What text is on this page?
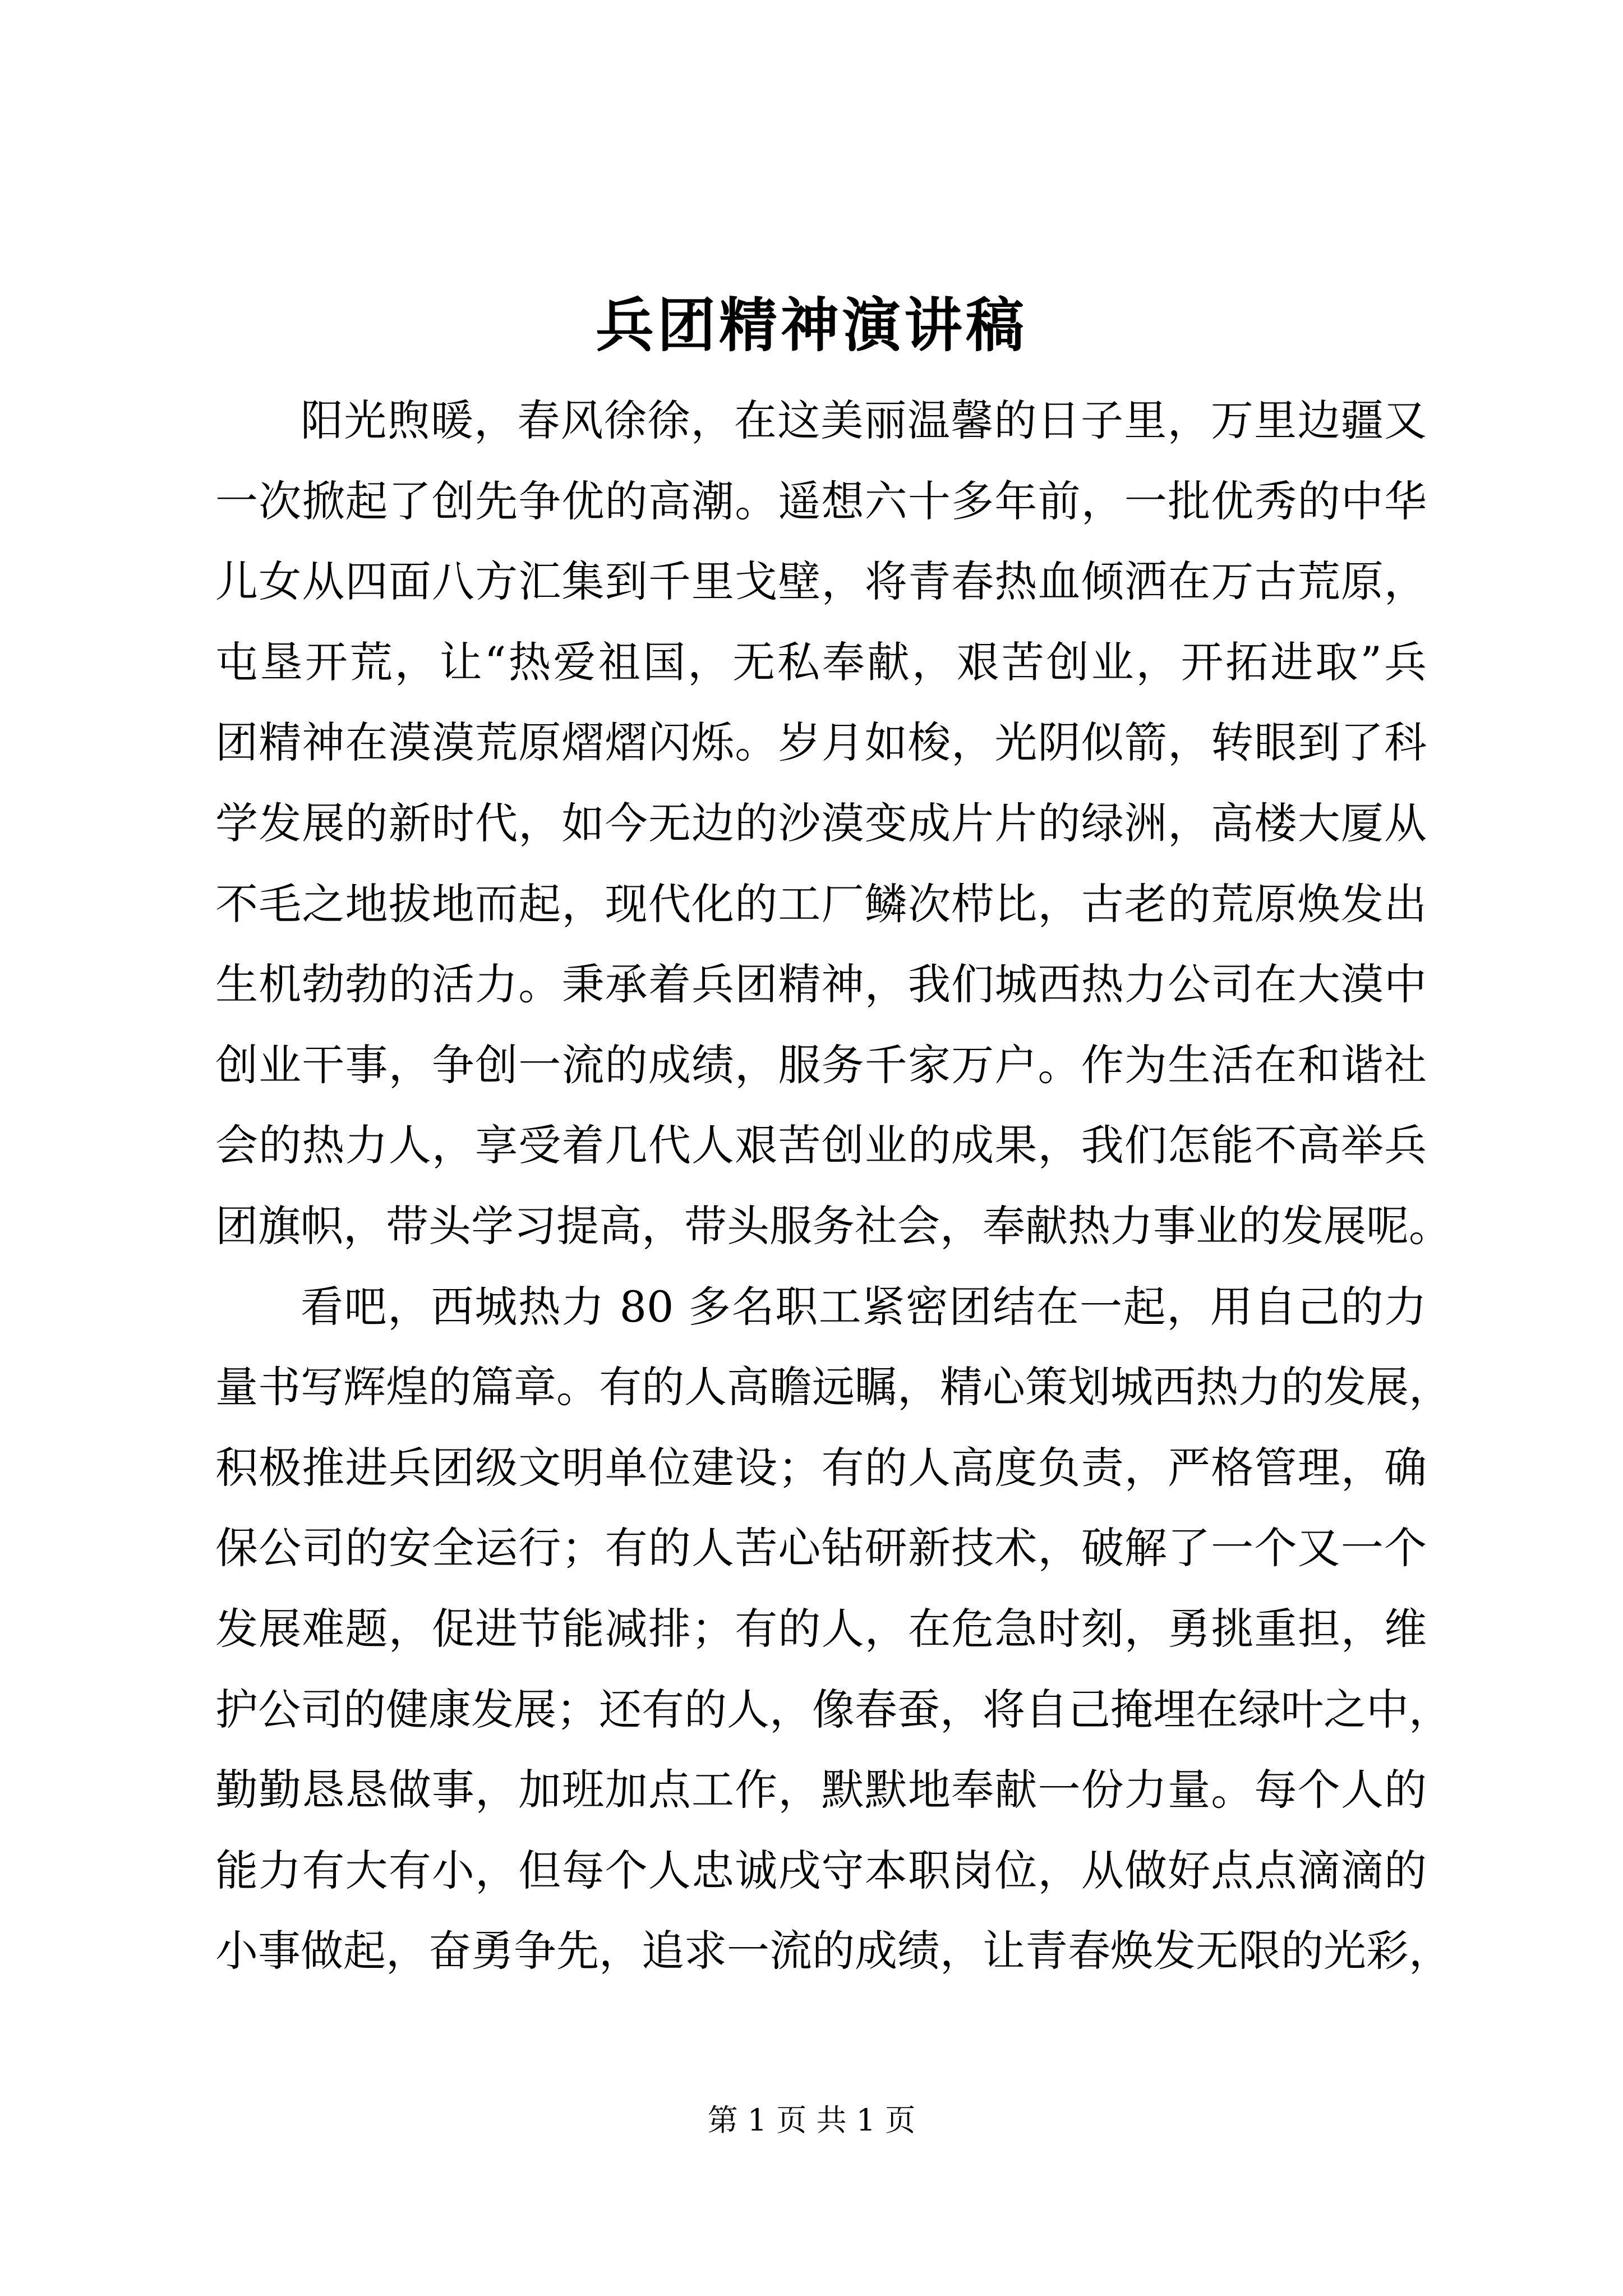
兵团精神演讲稿
阳光煦暖，春风徐徐，在这美丽温馨的日子里，万里边疆又
一次掀起了创先争优的高潮。遥想六十多年前，一批优秀的中华
儿女从四面八方汇集到千里戈壁，将青春热血倾洒在万古荒原，
屯垦开荒，让“热爱祖国，无私奉献，艰苦创业，开拓进取”兵
团精神在漠漠荒原熠熠闪烁。岁月如梭，光阴似箭，转眼到了科
学发展的新时代，如今无边的沙漠变成片片的绿洲，高楼大厦从
不毛之地拔地而起，现代化的工厂鳞次栉比，古老的荒原焕发出
生机勃勃的活力。秉承着兵团精神，我们城西热力公司在大漠中
创业干事，争创一流的成绩，服务千家万户。作为生活在和谐社
会的热力人，享受着几代人艰苦创业的成果，我们怎能不高举兵
团旗帜，带头学习提高，带头服务社会，奉献热力事业的发展呢。
看吧，西城热力 80 多名职工紧密团结在一起，用自己的力
量书写辉煌的篇章。有的人高瞻远瞩，精心策划城西热力的发展，
积极推进兵团级文明单位建设；有的人高度负责，严格管理，确
保公司的安全运行；有的人苦心钻研新技术，破解了一个又一个
发展难题，促进节能减排；有的人，在危急时刻，勇挑重担，维
护公司的健康发展；还有的人，像春蚕，将自己掩埋在绿叶之中，
勤勤恳恳做事，加班加点工作，默默地奉献一份力量。每个人的
能力有大有小，但每个人忠诚戌守本职岗位，从做好点点滴滴的
小事做起，奋勇争先，追求一流的成绩，让青春焕发无限的光彩，
第 1 页 共 1 页
